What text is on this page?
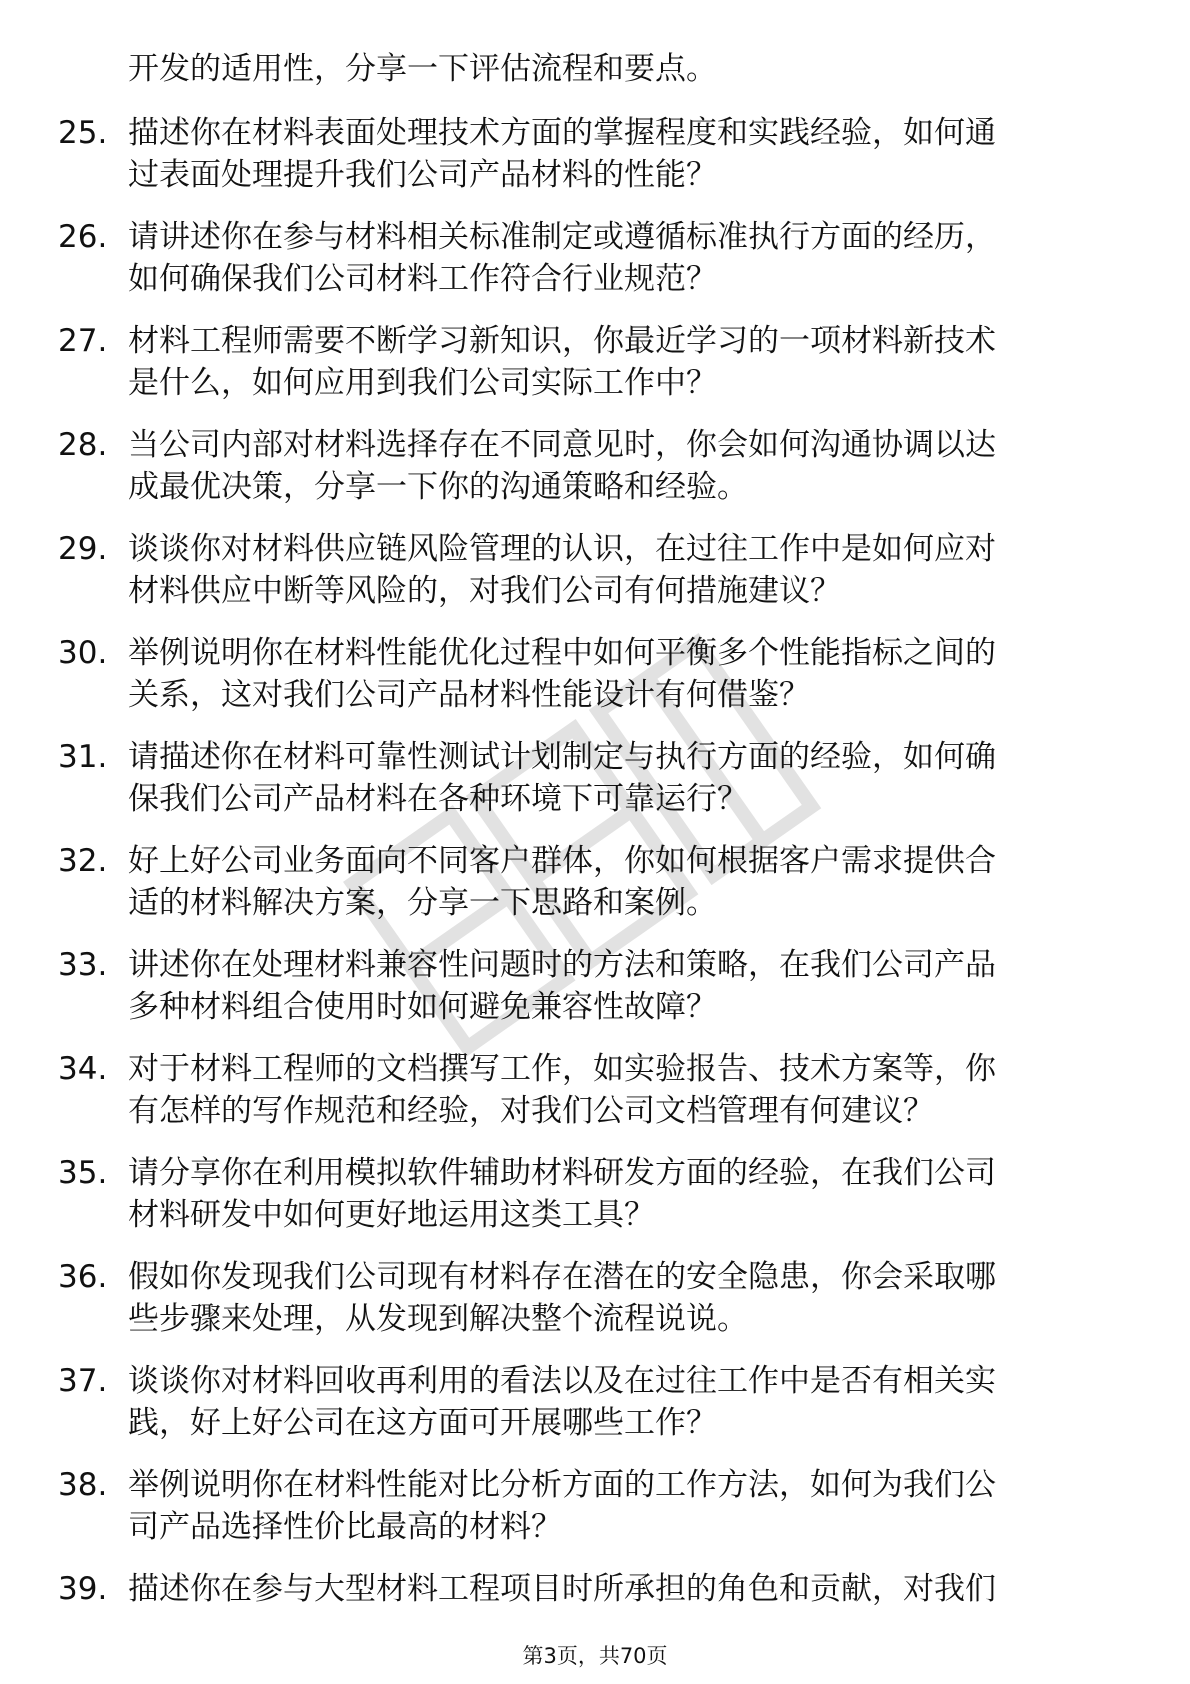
开发的适用性，分享一下评估流程和要点。
25. 描述你在材料表面处理技术方面的掌握程度和实践经验，如何通
过表面处理提升我们公司产品材料的性能？
26. 请讲述你在参与材料相关标准制定或遵循标准执行方面的经历，
如何确保我们公司材料工作符合行业规范？
27. 材料工程师需要不断学习新知识，你最近学习的一项材料新技术
是什么，如何应用到我们公司实际工作中？
28. 当公司内部对材料选择存在不同意见时，你会如何沟通协调以达
成最优决策，分享一下你的沟通策略和经验。
29. 谈谈你对材料供应链风险管理的认识，在过往工作中是如何应对
材料供应中断等风险的，对我们公司有何措施建议？
30. 举例说明你在材料性能优化过程中如何平衡多个性能指标之间的
关系，这对我们公司产品材料性能设计有何借鉴？
31. 请描述你在材料可靠性测试计划制定与执行方面的经验，如何确
保我们公司产品材料在各种环境下可靠运行？
32. 好上好公司业务面向不同客户群体，你如何根据客户需求提供合
适的材料解决方案，分享一下思路和案例。
33. 讲述你在处理材料兼容性问题时的方法和策略，在我们公司产品
多种材料组合使用时如何避免兼容性故障？
34. 对于材料工程师的文档撰写工作，如实验报告、技术方案等，你
有怎样的写作规范和经验，对我们公司文档管理有何建议？
35. 请分享你在利用模拟软件辅助材料研发方面的经验，在我们公司
材料研发中如何更好地运用这类工具？
36. 假如你发现我们公司现有材料存在潜在的安全隐患，你会采取哪
些步骤来处理，从发现到解决整个流程说说。
37. 谈谈你对材料回收再利用的看法以及在过往工作中是否有相关实
践，好上好公司在这方面可开展哪些工作？
38. 举例说明你在材料性能对比分析方面的工作方法，如何为我们公
司产品选择性价比最高的材料？
39. 描述你在参与大型材料工程项目时所承担的角色和贡献，对我们
第3页，共70页
